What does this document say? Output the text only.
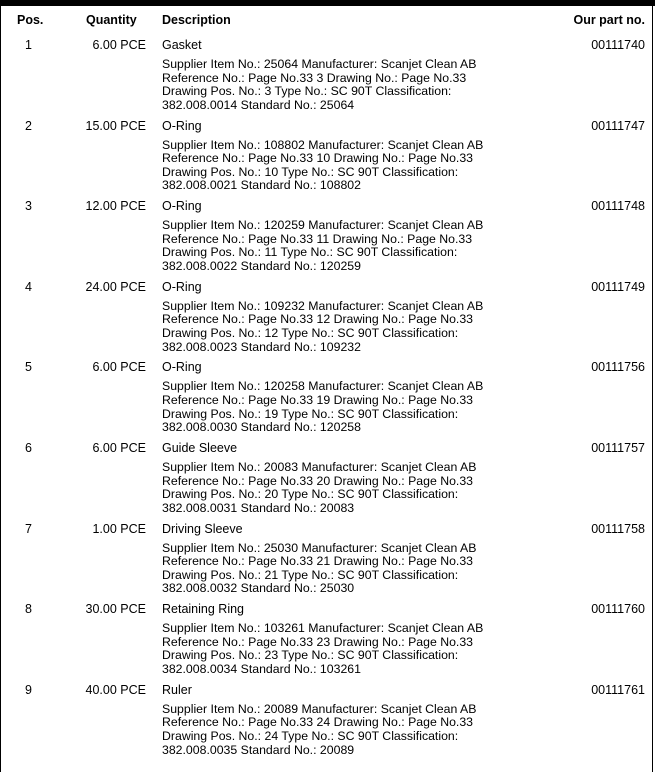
Pos.	Quantity Description	Our part no.
1	6.00 PCE Gasket	00111740
Supplier Item No.: 25064 Manufacturer: Scanjet Clean AB
Reference No.: Page No.33 3 Drawing No.: Page No.33
Drawing Pos. No.: 3 Type No.: SC 90T Classification:
382.008.0014 Standard No.: 25064
2	15.00 PCE O-Ring	00111747
Supplier Item No.: 108802 Manufacturer: Scanjet Clean AB
Reference No.: Page No.33 10 Drawing No.: Page No.33
Drawing Pos. No.: 10 Type No.: SC 90T Classification:
382.008.0021 Standard No.: 108802
3	12.00 PCE O-Ring	00111748
Supplier Item No.: 120259 Manufacturer: Scanjet Clean AB
Reference No.: Page No.33 11 Drawing No.: Page No.33
Drawing Pos. No.: 11 Type No.: SC 90T Classification:
382.008.0022 Standard No.: 120259
4	24.00 PCE O-Ring	00111749
Supplier Item No.: 109232 Manufacturer: Scanjet Clean AB
Reference No.: Page No.33 12 Drawing No.: Page No.33
Drawing Pos. No.: 12 Type No.: SC 90T Classification:
382.008.0023 Standard No.: 109232
5	6.00 PCE O-Ring	00111756
Supplier Item No.: 120258 Manufacturer: Scanjet Clean AB
Reference No.: Page No.33 19 Drawing No.: Page No.33
Drawing Pos. No.: 19 Type No.: SC 90T Classification:
382.008.0030 Standard No.: 120258
6	6.00 PCE Guide Sleeve	00111757
Supplier Item No.: 20083 Manufacturer: Scanjet Clean AB
Reference No.: Page No.33 20 Drawing No.: Page No.33
Drawing Pos. No.: 20 Type No.: SC 90T Classification:
382.008.0031 Standard No.: 20083
7	1.00 PCE Driving Sleeve	00111758
Supplier Item No.: 25030 Manufacturer: Scanjet Clean AB
Reference No.: Page No.33 21 Drawing No.: Page No.33
Drawing Pos. No.: 21 Type No.: SC 90T Classification:
382.008.0032 Standard No.: 25030
8	30.00 PCE Retaining Ring	00111760
Supplier Item No.: 103261 Manufacturer: Scanjet Clean AB
Reference No.: Page No.33 23 Drawing No.: Page No.33
Drawing Pos. No.: 23 Type No.: SC 90T Classification:
382.008.0034 Standard No.: 103261
9	40.00 PCE Ruler	00111761
Supplier Item No.: 20089 Manufacturer: Scanjet Clean AB
Reference No.: Page No.33 24 Drawing No.: Page No.33
Drawing Pos. No.: 24 Type No.: SC 90T Classification:
382.008.0035 Standard No.: 20089
